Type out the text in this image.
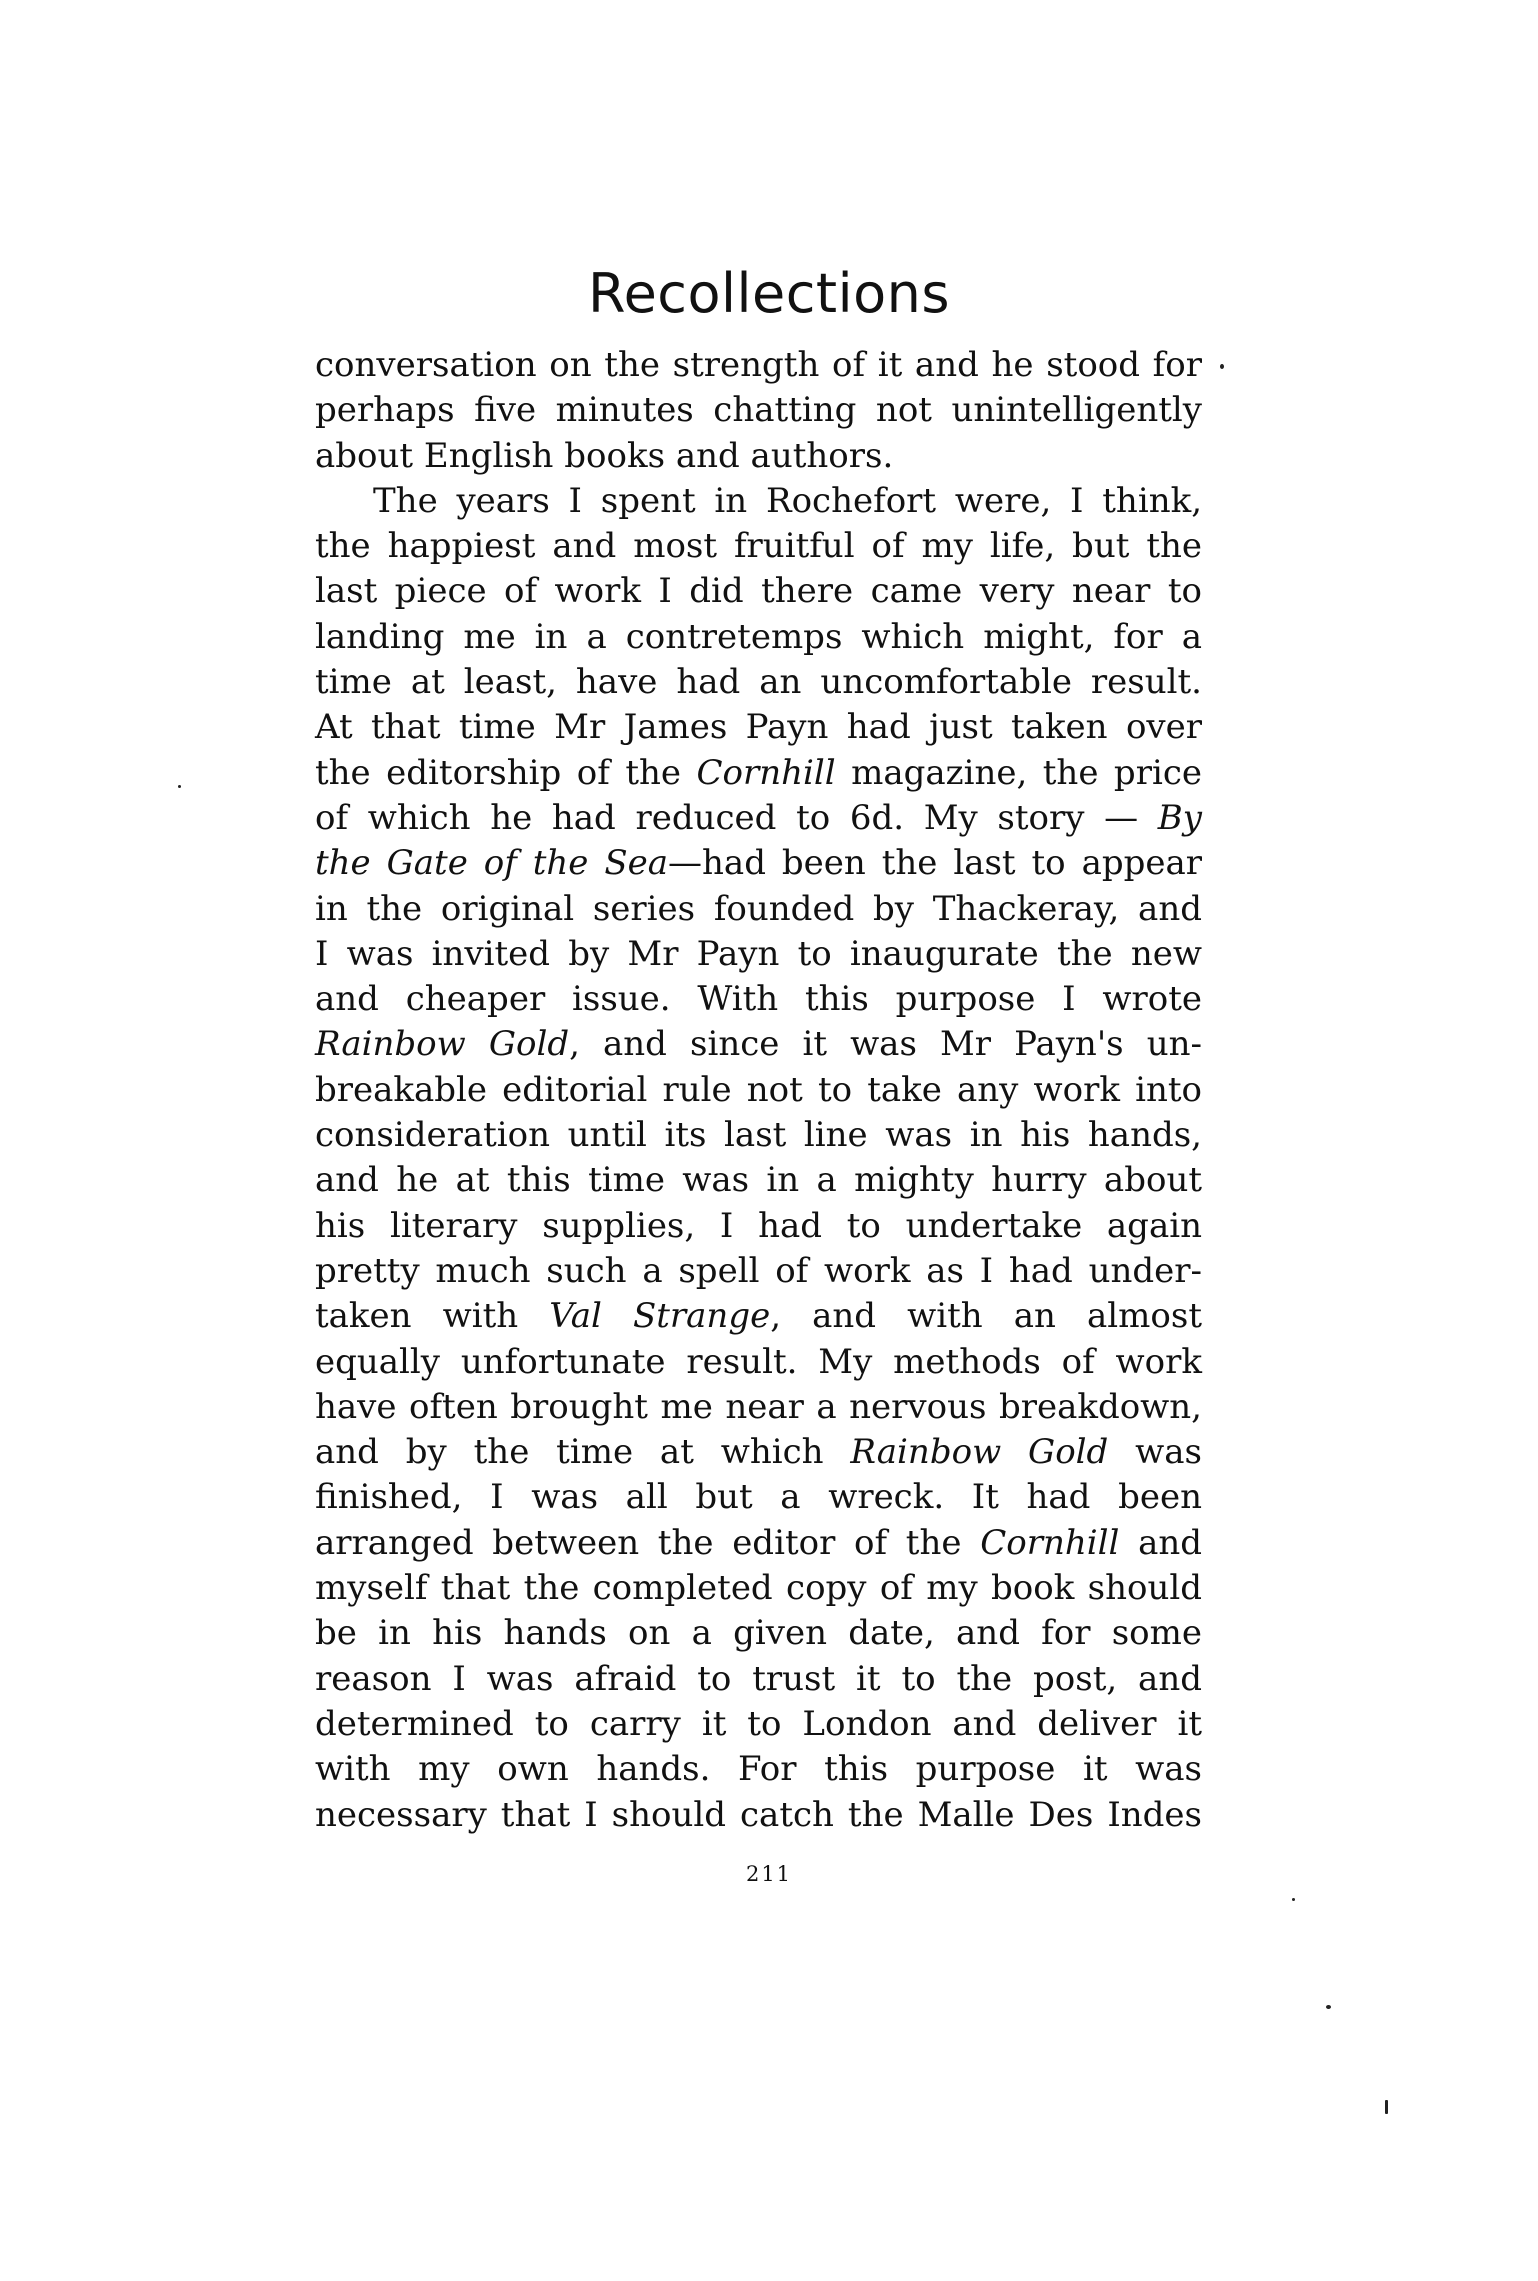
Recollections
conversation on the strength of it and he stood for
perhaps five minutes chatting not unintelligently
about English books and authors.
The years I spent in Rochefort were, I think,
the happiest and most fruitful of my life, but the
last piece of work I did there came very near to
landing me in a contretemps which might, for a
time at least, have had an uncomfortable result.
At that time Mr James Payn had just taken over
the editorship of the Cornhill magazine, the price
of which he had reduced to 6d. My story — By
the Gate of the Sea—had been the last to appear
in the original series founded by Thackeray, and
I was invited by Mr Payn to inaugurate the new
and cheaper issue. With this purpose I wrote
Rainbow Gold, and since it was Mr Payn's un-
breakable editorial rule not to take any work into
consideration until its last line was in his hands,
and he at this time was in a mighty hurry about
his literary supplies, I had to undertake again
pretty much such a spell of work as I had under-
taken with Val Strange, and with an almost
equally unfortunate result. My methods of work
have often brought me near a nervous breakdown,
and by the time at which Rainbow Gold was
finished, I was all but a wreck. It had been
arranged between the editor of the Cornhill and
myself that the completed copy of my book should
be in his hands on a given date, and for some
reason I was afraid to trust it to the post, and
determined to carry it to London and deliver it
with my own hands. For this purpose it was
necessary that I should catch the Malle Des Indes
211
